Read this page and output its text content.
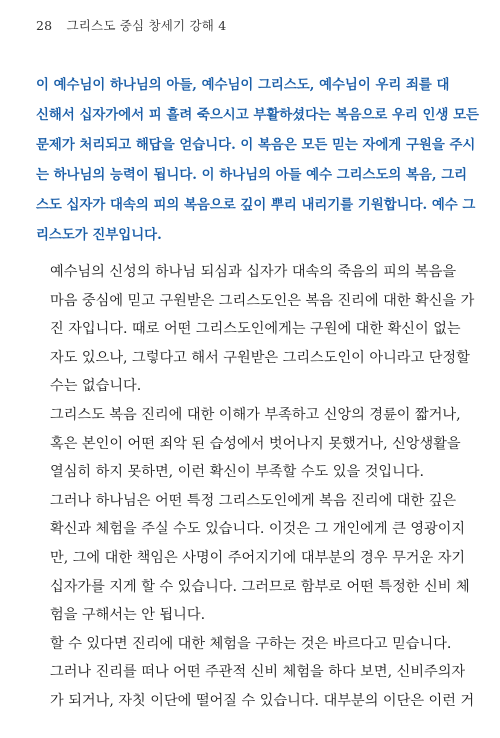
28 그리스도 중심 창세기 강해 4

이 예수님이 하나님의 아들, 예수님이 그리스도, 예수님이 우리 죄를 대
신해서 십자가에서 피 흘려 죽으시고 부활하셨다는 복음으로 우리 인생 모든
문제가 처리되고 해답을 얻습니다. 이 복음은 모든 믿는 자에게 구원을 주시
는 하나님의 능력이 됩니다. 이 하나님의 아들 예수 그리스도의 복음, 그리
스도 십자가 대속의 피의 복음으로 깊이 뿌리 내리기를 기원합니다. 예수 그
리스도가 진부입니다.

예수님의 신성의 하나님 되심과 십자가 대속의 죽음의 피의 복음을
마음 중심에 믿고 구원받은 그리스도인은 복음 진리에 대한 확신을 가
진 자입니다. 때로 어떤 그리스도인에게는 구원에 대한 확신이 없는
자도 있으나, 그렇다고 해서 구원받은 그리스도인이 아니라고 단정할
수는 없습니다.

그리스도 복음 진리에 대한 이해가 부족하고 신앙의 경륜이 짧거나,
혹은 본인이 어떤 죄악 된 습성에서 벗어나지 못했거나, 신앙생활을
열심히 하지 못하면, 이런 확신이 부족할 수도 있을 것입니다.

그러나 하나님은 어떤 특정 그리스도인에게 복음 진리에 대한 깊은
확신과 체험을 주실 수도 있습니다. 이것은 그 개인에게 큰 영광이지
만, 그에 대한 책임은 사명이 주어지기에 대부분의 경우 무거운 자기
십자가를 지게 할 수 있습니다. 그러므로 함부로 어떤 특정한 신비 체
험을 구해서는 안 됩니다.

할 수 있다면 진리에 대한 체험을 구하는 것은 바르다고 믿습니다.
그러나 진리를 떠나 어떤 주관적 신비 체험을 하다 보면, 신비주의자
가 되거나, 자칫 이단에 떨어질 수 있습니다. 대부분의 이단은 이런 거
